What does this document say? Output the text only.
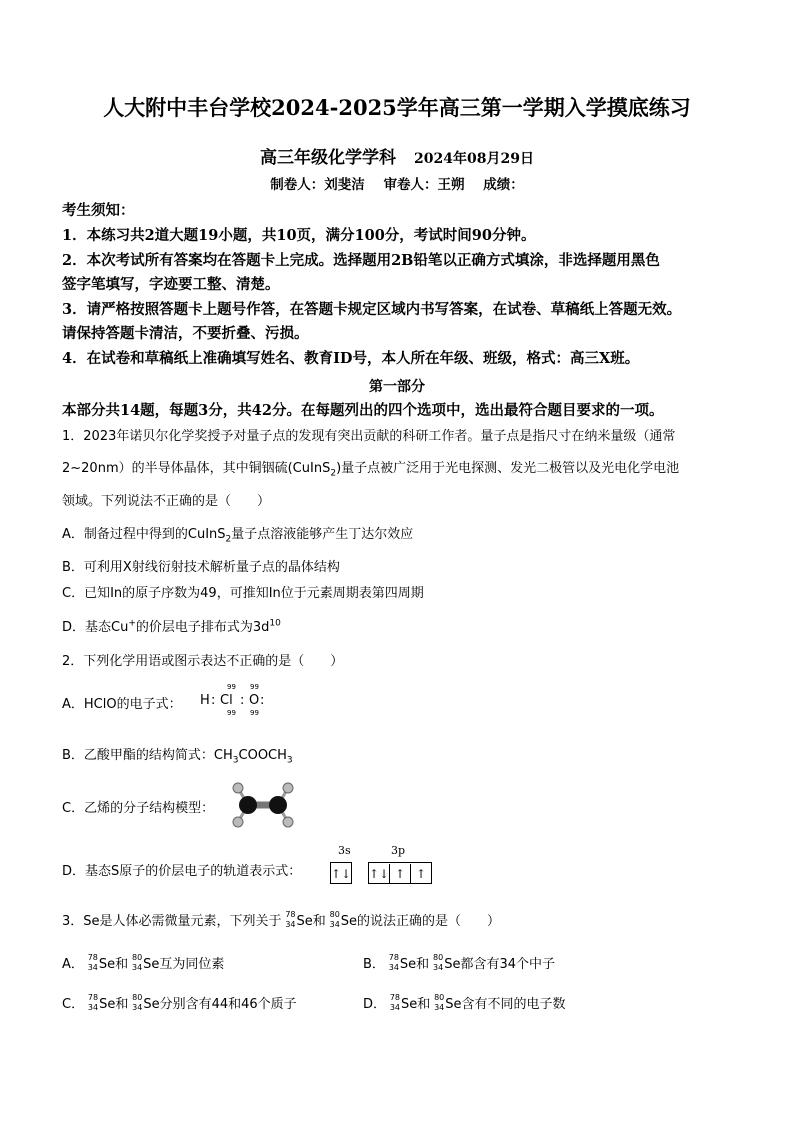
人大附中丰台学校2024-2025学年高三第一学期入学摸底练习
高三年级化学学科 2024年08月29日
制卷人：刘斐洁 审卷人：王朔 成绩：
考生须知：
1．本练习共2道大题19小题，共10页，满分100分，考试时间90分钟。
2．本次考试所有答案均在答题卡上完成。选择题用2B铅笔以正确方式填涂，非选择题用黑色
签字笔填写，字迹要工整、清楚。
3．请严格按照答题卡上题号作答，在答题卡规定区域内书写答案，在试卷、草稿纸上答题无效。
请保持答题卡清洁，不要折叠、污损。
4．在试卷和草稿纸上准确填写姓名、教育ID号，本人所在年级、班级，格式：高三X班。
第一部分
本部分共14题，每题3分，共42分。在每题列出的四个选项中，选出最符合题目要求的一项。
1．2023年诺贝尔化学奖授予对量子点的发现有突出贡献的科研工作者。量子点是指尺寸在纳米量级（通常
2~20nm）的半导体晶体，其中铜铟硫(CuInS$_2$)量子点被广泛用于光电探测、发光二极管以及光电化学电池
领域。下列说法不正确的是（　　）
A．制备过程中得到的CuInS$_2$量子点溶液能够产生丁达尔效应
B．可利用X射线衍射技术解析量子点的晶体结构
C．已知In的原子序数为49，可推知In位于元素周期表第四周期
D．基态Cu+的价层电子排布式为$3d^{10}$
2．下列化学用语或图示表达不正确的是（　　）
A．HClO的电子式： H :
99
Cl
99
:
99
O :
99
B．乙酸甲酯的结构简式：$CH_3COOCH_3$
C．乙烯的分子结构模型：
D．基态S原子的价层电子的轨道表示式：
3s	3p
↑↓ ↑↓ ↑ ↑
3．Se是人体必需微量元素，下列关于 78
34 Se和 80
34 Se的说法正确的是（　　）
A． 78
34 Se和 80
34 Se互为同位素	B． 78
34 Se和 80
34 Se都含有34个中子
C． 78
34 Se和 80
34 Se分别含有44和46个质子	D． 78
34 Se和 80
34 Se含有不同的电子数
